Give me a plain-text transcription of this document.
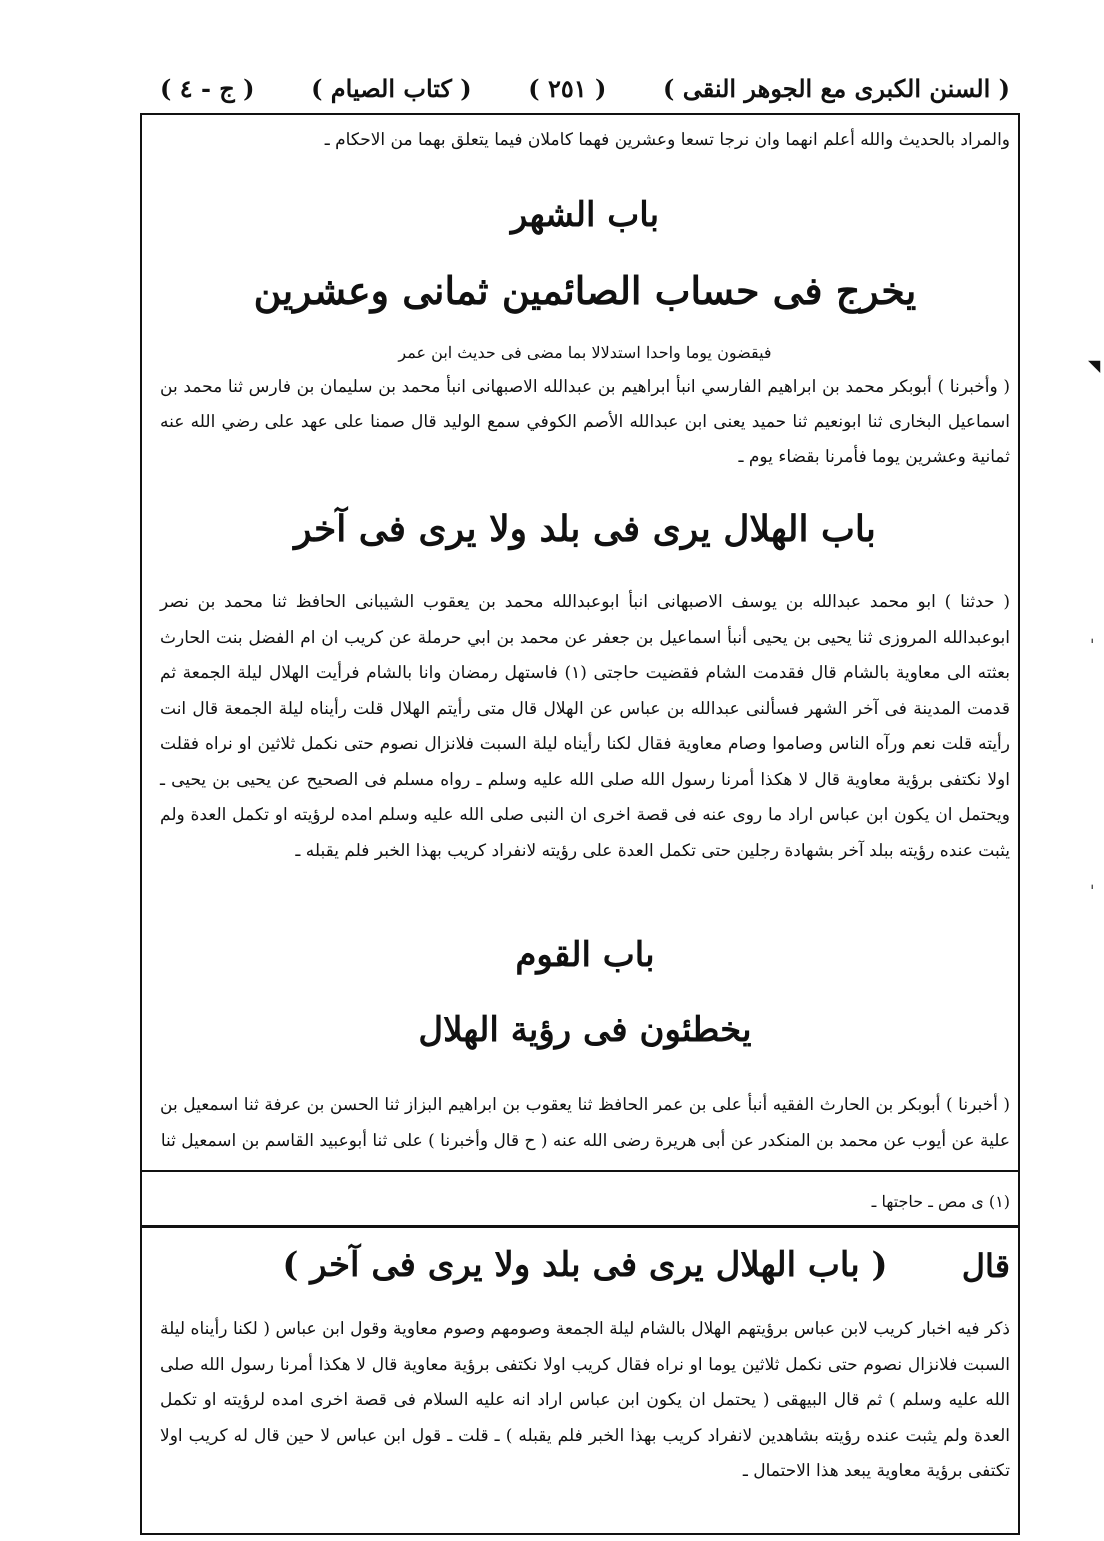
( السنن الكبرى مع الجوهر النقى )
( ٢٥١ )
( كتاب الصيام )
( ج - ٤ )
◥
ˈ
ˈ
والمراد بالحديث والله أعلم انهما وان نرجا تسعا وعشرين فهما كاملان فيما يتعلق بهما من الاحكام ـ
باب الشهر
يخرج فى حساب الصائمين ثمانى وعشرين
فيقضون يوما واحدا استدلالا بما مضى فى حديث ابن عمر
( وأخبرنا ) أبوبكر محمد بن ابراهيم الفارسي انبأ ابراهيم بن عبدالله الاصبهانى انبأ محمد بن سليمان بن فارس ثنا محمد بن اسماعيل البخارى ثنا ابونعيم ثنا حميد يعنى ابن عبدالله الأصم الكوفي سمع الوليد قال صمنا على عهد على رضي الله عنه ثمانية وعشرين يوما فأمرنا بقضاء يوم ـ
باب الهلال يرى فى بلد ولا يرى فى آخر
( حدثنا ) ابو محمد عبدالله بن يوسف الاصبهانى انبأ ابوعبدالله محمد بن يعقوب الشيبانى الحافظ ثنا محمد بن نصر ابوعبدالله المروزى ثنا يحيى بن يحيى أنبأ اسماعيل بن جعفر عن محمد بن ابي حرملة عن كريب ان ام الفضل بنت الحارث بعثته الى معاوية بالشام قال فقدمت الشام فقضيت حاجتى (١) فاستهل رمضان وانا بالشام فرأيت الهلال ليلة الجمعة ثم قدمت المدينة فى آخر الشهر فسألنى عبدالله بن عباس عن الهلال قال متى رأيتم الهلال قلت رأيناه ليلة الجمعة قال انت رأيته قلت نعم ورآه الناس وصاموا وصام معاوية فقال لكنا رأيناه ليلة السبت فلانزال نصوم حتى نكمل ثلاثين او نراه فقلت اولا نكتفى برؤية معاوية قال لا هكذا أمرنا رسول الله صلى الله عليه وسلم ـ رواه مسلم فى الصحيح عن يحيى بن يحيى ـ ويحتمل ان يكون ابن عباس اراد ما روى عنه فى قصة اخرى ان النبى صلى الله عليه وسلم امده لرؤيته او تكمل العدة ولم يثبت عنده رؤيته ببلد آخر بشهادة رجلين حتى تكمل العدة على رؤيته لانفراد كريب بهذا الخبر فلم يقبله ـ
باب القوم
يخطئون فى رؤية الهلال
( أخبرنا ) أبوبكر بن الحارث الفقيه أنبأ على بن عمر الحافظ ثنا يعقوب بن ابراهيم البزاز ثنا الحسن بن عرفة ثنا اسمعيل بن علية عن أيوب عن محمد بن المنكدر عن أبى هريرة رضى الله عنه ( ح قال وأخبرنا ) على ثنا أبوعبيد القاسم بن اسمعيل ثنا
(١) ى مص ـ حاجتها ـ
قال
( باب الهلال يرى فى بلد ولا يرى فى آخر )
ذكر فيه اخبار كريب لابن عباس برؤيتهم الهلال بالشام ليلة الجمعة وصومهم وصوم معاوية وقول ابن عباس ( لكنا رأيناه ليلة السبت فلانزال نصوم حتى نكمل ثلاثين يوما او نراه فقال كريب اولا نكتفى برؤية معاوية قال لا هكذا أمرنا رسول الله صلى الله عليه وسلم ) ثم قال البيهقى ( يحتمل ان يكون ابن عباس اراد انه عليه السلام فى قصة اخرى امده لرؤيته او تكمل العدة ولم يثبت عنده رؤيته بشاهدين لانفراد كريب بهذا الخبر فلم يقبله ) ـ قلت ـ قول ابن عباس لا حين قال له كريب اولا تكتفى برؤية معاوية يبعد هذا الاحتمال ـ
